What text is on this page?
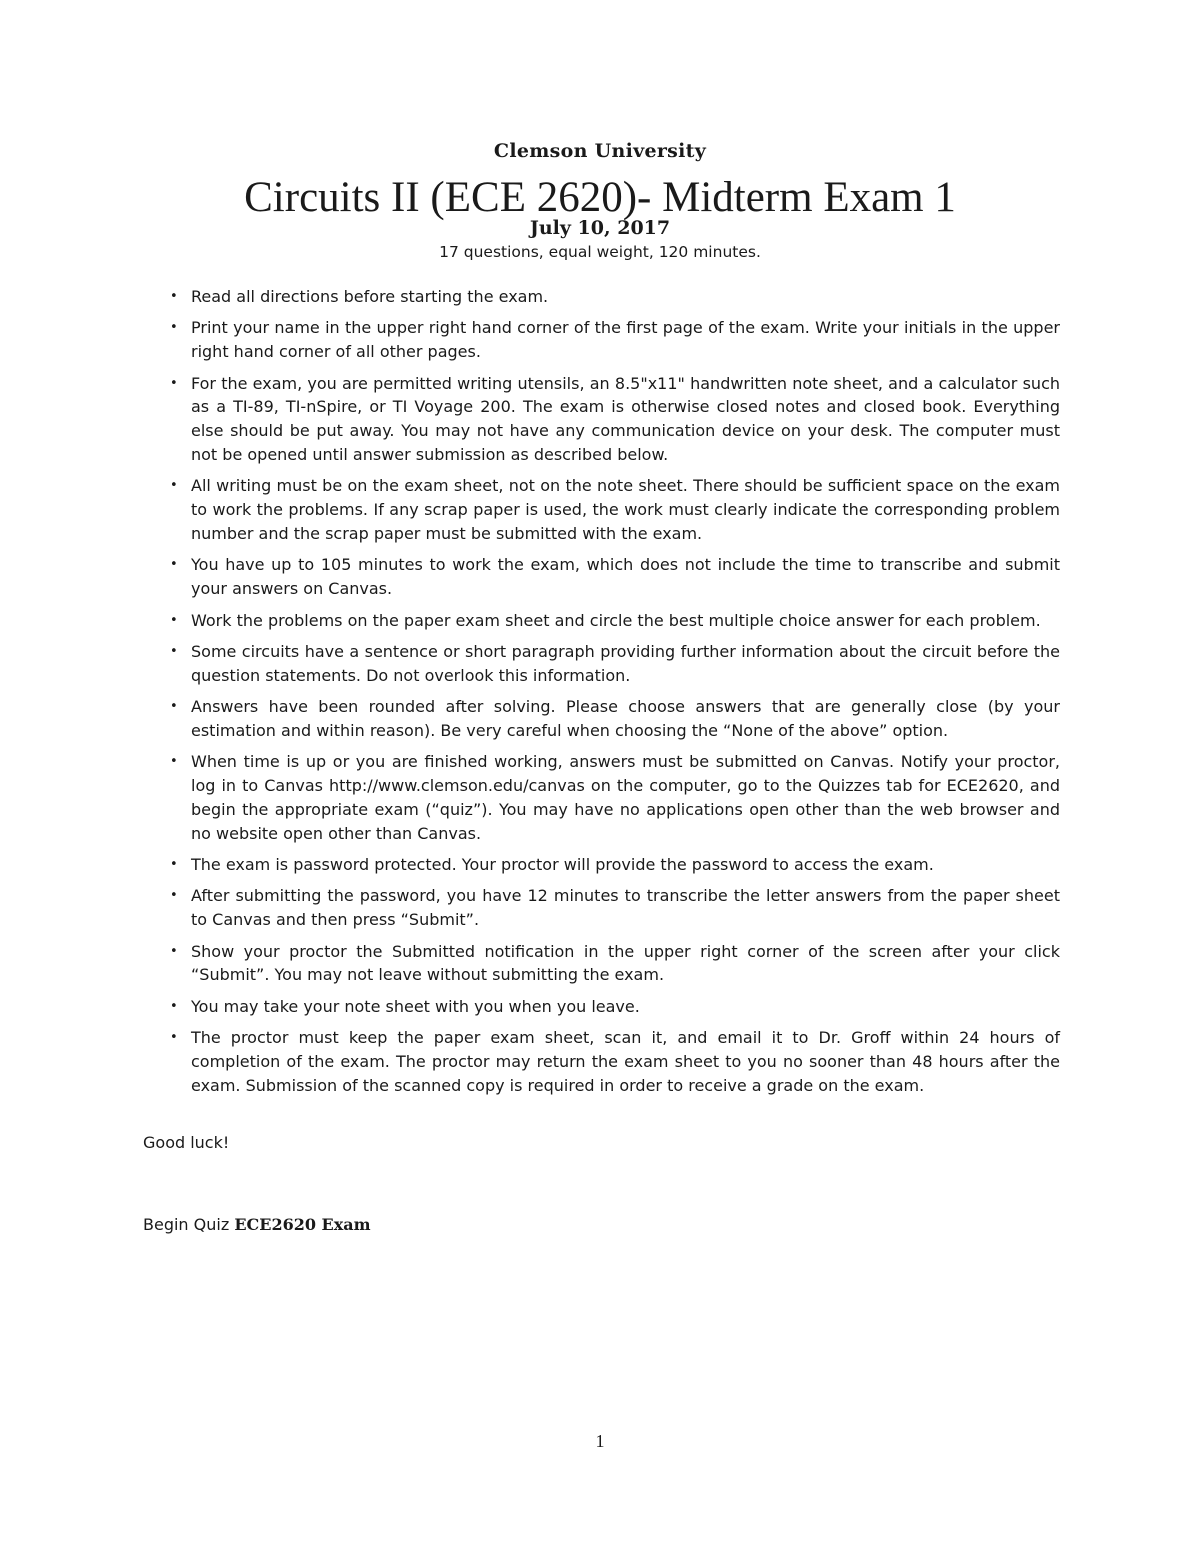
Clemson University
Circuits II (ECE 2620)- Midterm Exam 1
July 10, 2017
17 questions, equal weight, 120 minutes.
• Read all directions before starting the exam.
• Print your name in the upper right hand corner of the first page of the exam. Write your initials in the upper right hand corner of all other pages.
• For the exam, you are permitted writing utensils, an 8.5"x11" handwritten note sheet, and a calculator such as a TI-89, TI-nSpire, or TI Voyage 200. The exam is otherwise closed notes and closed book. Everything else should be put away. You may not have any communication device on your desk. The computer must not be opened until answer submission as described below.
• All writing must be on the exam sheet, not on the note sheet. There should be sufficient space on the exam to work the problems. If any scrap paper is used, the work must clearly indicate the corresponding problem number and the scrap paper must be submitted with the exam.
• You have up to 105 minutes to work the exam, which does not include the time to transcribe and submit your answers on Canvas.
• Work the problems on the paper exam sheet and circle the best multiple choice answer for each problem.
• Some circuits have a sentence or short paragraph providing further information about the circuit before the question statements. Do not overlook this information.
• Answers have been rounded after solving. Please choose answers that are generally close (by your estimation and within reason). Be very careful when choosing the “None of the above” option.
• When time is up or you are finished working, answers must be submitted on Canvas. Notify your proctor, log in to Canvas http://www.clemson.edu/canvas on the computer, go to the Quizzes tab for ECE2620, and begin the appropriate exam (“quiz”). You may have no applications open other than the web browser and no website open other than Canvas.
• The exam is password protected. Your proctor will provide the password to access the exam.
• After submitting the password, you have 12 minutes to transcribe the letter answers from the paper sheet to Canvas and then press “Submit”.
• Show your proctor the Submitted notification in the upper right corner of the screen after your click “Submit”. You may not leave without submitting the exam.
• You may take your note sheet with you when you leave.
• The proctor must keep the paper exam sheet, scan it, and email it to Dr. Groff within 24 hours of completion of the exam. The proctor may return the exam sheet to you no sooner than 48 hours after the exam. Submission of the scanned copy is required in order to receive a grade on the exam.
Good luck!
Begin Quiz ECE2620 Exam
1
